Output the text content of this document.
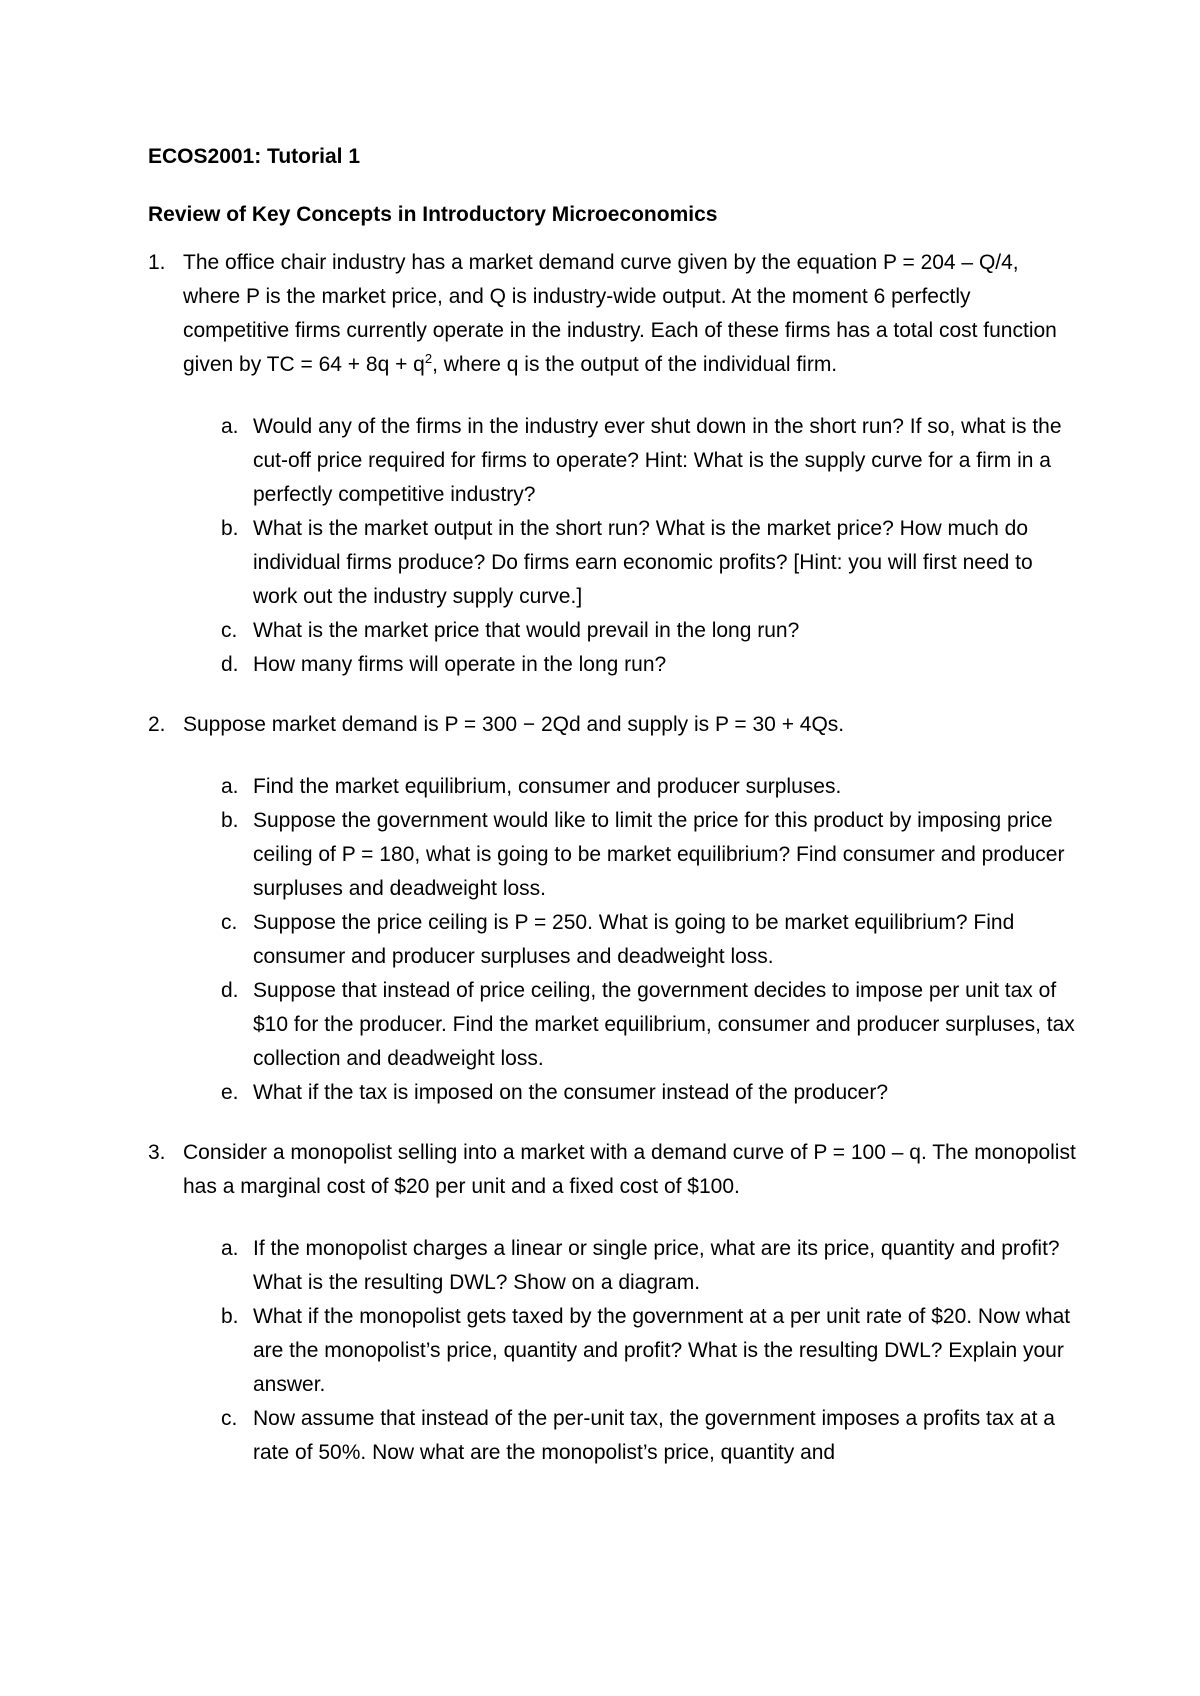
ECOS2001: Tutorial 1

Review of Key Concepts in Introductory Microeconomics

1. The office chair industry has a market demand curve given by the equation P = 204 – Q/4, where P is the market price, and Q is industry-wide output. At the moment 6 perfectly competitive firms currently operate in the industry. Each of these firms has a total cost function given by TC = $64 + 8q + q^2$, where q is the output of the individual firm.

a. Would any of the firms in the industry ever shut down in the short run? If so, what is the cut-off price required for firms to operate? Hint: What is the supply curve for a firm in a perfectly competitive industry?
b. What is the market output in the short run? What is the market price? How much do individual firms produce? Do firms earn economic profits? [Hint: you will first need to work out the industry supply curve.]
c. What is the market price that would prevail in the long run?
d. How many firms will operate in the long run?
2. Suppose market demand is P = 300 − 2Qd and supply is P = 30 + 4Qs.

a. Find the market equilibrium, consumer and producer surpluses.
b. Suppose the government would like to limit the price for this product by imposing price ceiling of P = 180, what is going to be market equilibrium? Find consumer and producer surpluses and deadweight loss.
c. Suppose the price ceiling is P = 250. What is going to be market equilibrium? Find consumer and producer surpluses and deadweight loss.
d. Suppose that instead of price ceiling, the government decides to impose per unit tax of $10 for the producer. Find the market equilibrium, consumer and producer surpluses, tax collection and deadweight loss.
e. What if the tax is imposed on the consumer instead of the producer?
3. Consider a monopolist selling into a market with a demand curve of P = 100 – q. The monopolist has a marginal cost of $20 per unit and a fixed cost of $100.

a. If the monopolist charges a linear or single price, what are its price, quantity and profit? What is the resulting DWL? Show on a diagram.
b. What if the monopolist gets taxed by the government at a per unit rate of $20. Now what are the monopolist’s price, quantity and profit? What is the resulting DWL? Explain your answer.
c. Now assume that instead of the per-unit tax, the government imposes a profits tax at a rate of 50%. Now what are the monopolist’s price, quantity and
